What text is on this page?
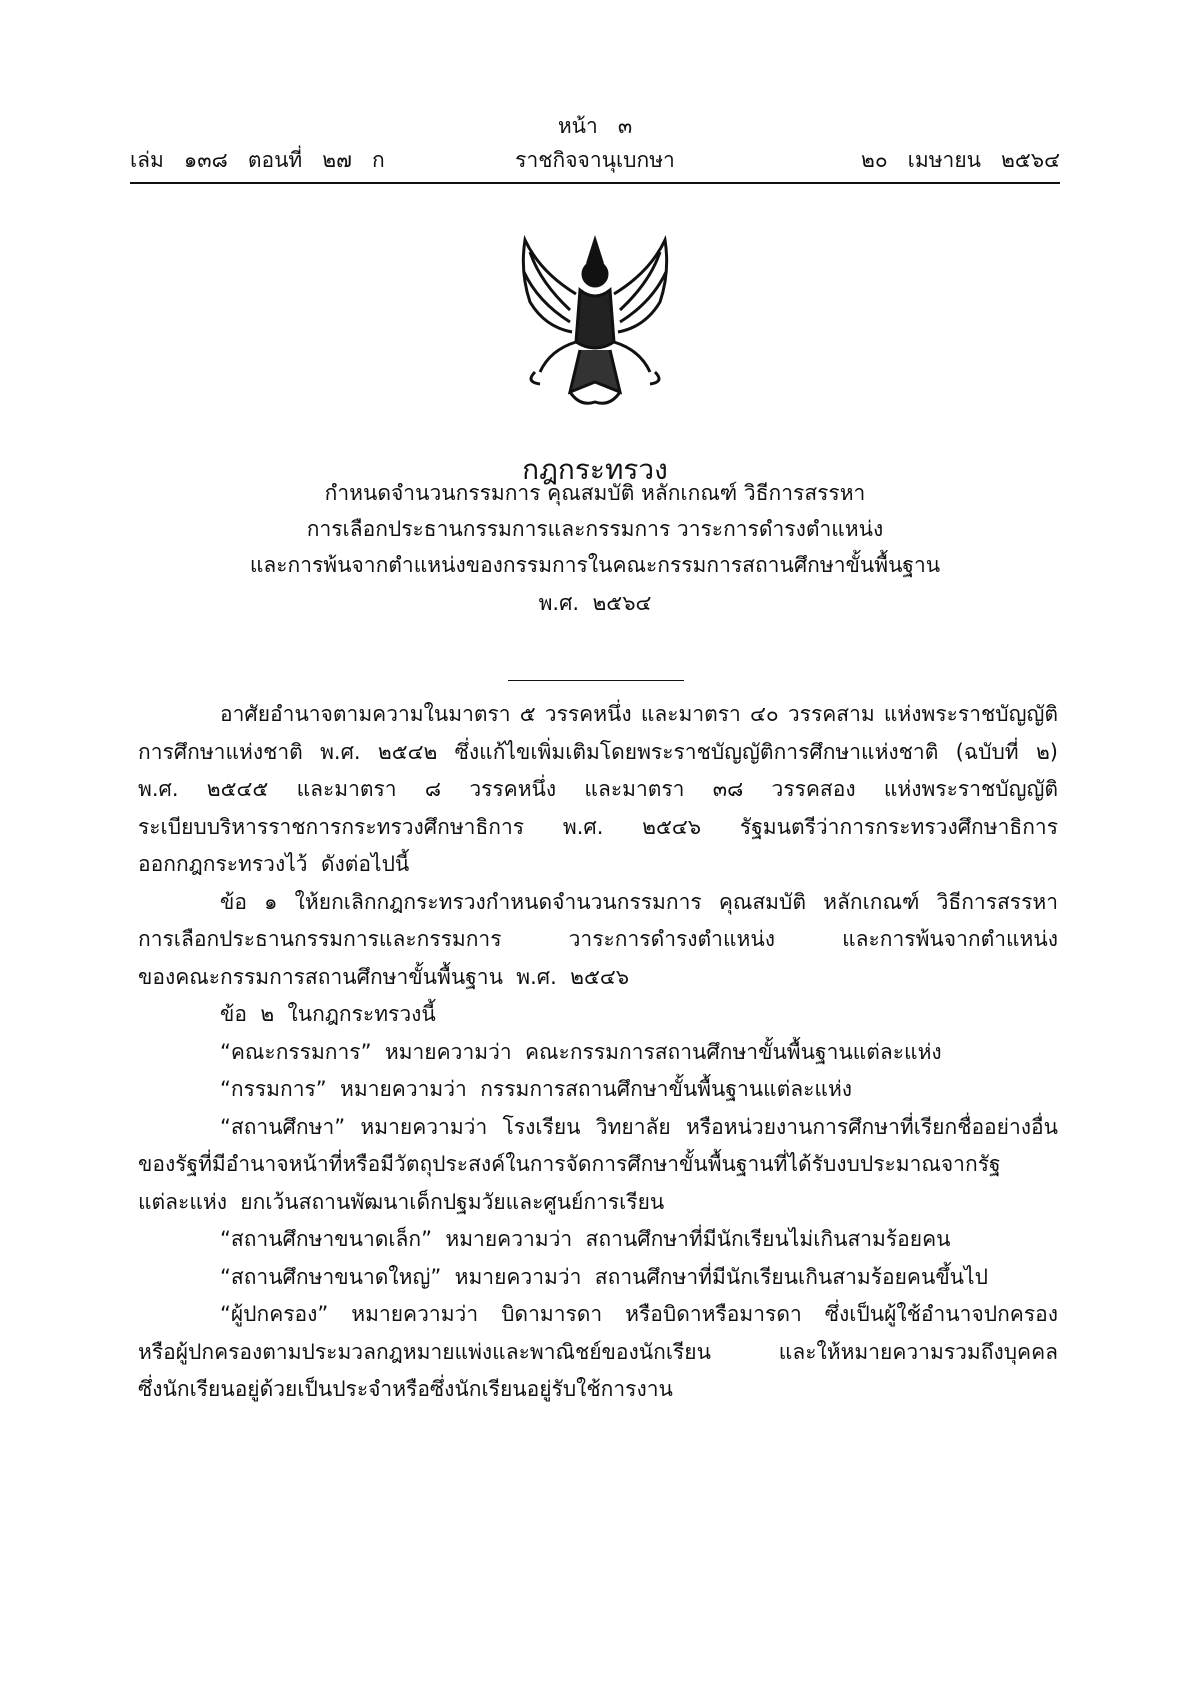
หน้า   ๓
เล่ม   ๑๓๘   ตอนที่   ๒๗   ก	ราชกิจจานุเบกษา	๒๐   เมษายน   ๒๕๖๔
กฎกระทรวง
กำหนดจำนวนกรรมการ คุณสมบัติ หลักเกณฑ์ วิธีการสรรหา
การเลือกประธานกรรมการและกรรมการ วาระการดำรงตำแหน่ง
และการพ้นจากตำแหน่งของกรรมการในคณะกรรมการสถานศึกษาขั้นพื้นฐาน
พ.ศ.  ๒๕๖๔
อาศัยอำนาจตามความในมาตรา ๕ วรรคหนึ่ง และมาตรา ๔๐ วรรคสาม แห่งพระราชบัญญัติ
การศึกษาแห่งชาติ พ.ศ. ๒๕๔๒ ซึ่งแก้ไขเพิ่มเติมโดยพระราชบัญญัติการศึกษาแห่งชาติ (ฉบับที่ ๒)
พ.ศ. ๒๕๔๕ และมาตรา ๘ วรรคหนึ่ง และมาตรา ๓๘ วรรคสอง แห่งพระราชบัญญัติ
ระเบียบบริหารราชการกระทรวงศึกษาธิการ พ.ศ. ๒๕๔๖ รัฐมนตรีว่าการกระทรวงศึกษาธิการ
ออกกฎกระทรวงไว้  ดังต่อไปนี้
ข้อ ๑ ให้ยกเลิกกฎกระทรวงกำหนดจำนวนกรรมการ คุณสมบัติ หลักเกณฑ์ วิธีการสรรหา
การเลือกประธานกรรมการและกรรมการ วาระการดำรงตำแหน่ง และการพ้นจากตำแหน่ง
ของคณะกรรมการสถานศึกษาขั้นพื้นฐาน  พ.ศ.  ๒๕๔๖
ข้อ  ๒  ในกฎกระทรวงนี้
“คณะกรรมการ”  หมายความว่า  คณะกรรมการสถานศึกษาขั้นพื้นฐานแต่ละแห่ง
“กรรมการ”  หมายความว่า  กรรมการสถานศึกษาขั้นพื้นฐานแต่ละแห่ง
“สถานศึกษา” หมายความว่า โรงเรียน วิทยาลัย หรือหน่วยงานการศึกษาที่เรียกชื่ออย่างอื่น
ของรัฐที่มีอำนาจหน้าที่หรือมีวัตถุประสงค์ในการจัดการศึกษาขั้นพื้นฐานที่ได้รับงบประมาณจากรัฐ
แต่ละแห่ง  ยกเว้นสถานพัฒนาเด็กปฐมวัยและศูนย์การเรียน
“สถานศึกษาขนาดเล็ก”  หมายความว่า  สถานศึกษาที่มีนักเรียนไม่เกินสามร้อยคน
“สถานศึกษาขนาดใหญ่”  หมายความว่า  สถานศึกษาที่มีนักเรียนเกินสามร้อยคนขึ้นไป
“ผู้ปกครอง” หมายความว่า บิดามารดา หรือบิดาหรือมารดา ซึ่งเป็นผู้ใช้อำนาจปกครอง
หรือผู้ปกครองตามประมวลกฎหมายแพ่งและพาณิชย์ของนักเรียน และให้หมายความรวมถึงบุคคล
ซึ่งนักเรียนอยู่ด้วยเป็นประจำหรือซึ่งนักเรียนอยู่รับใช้การงาน
